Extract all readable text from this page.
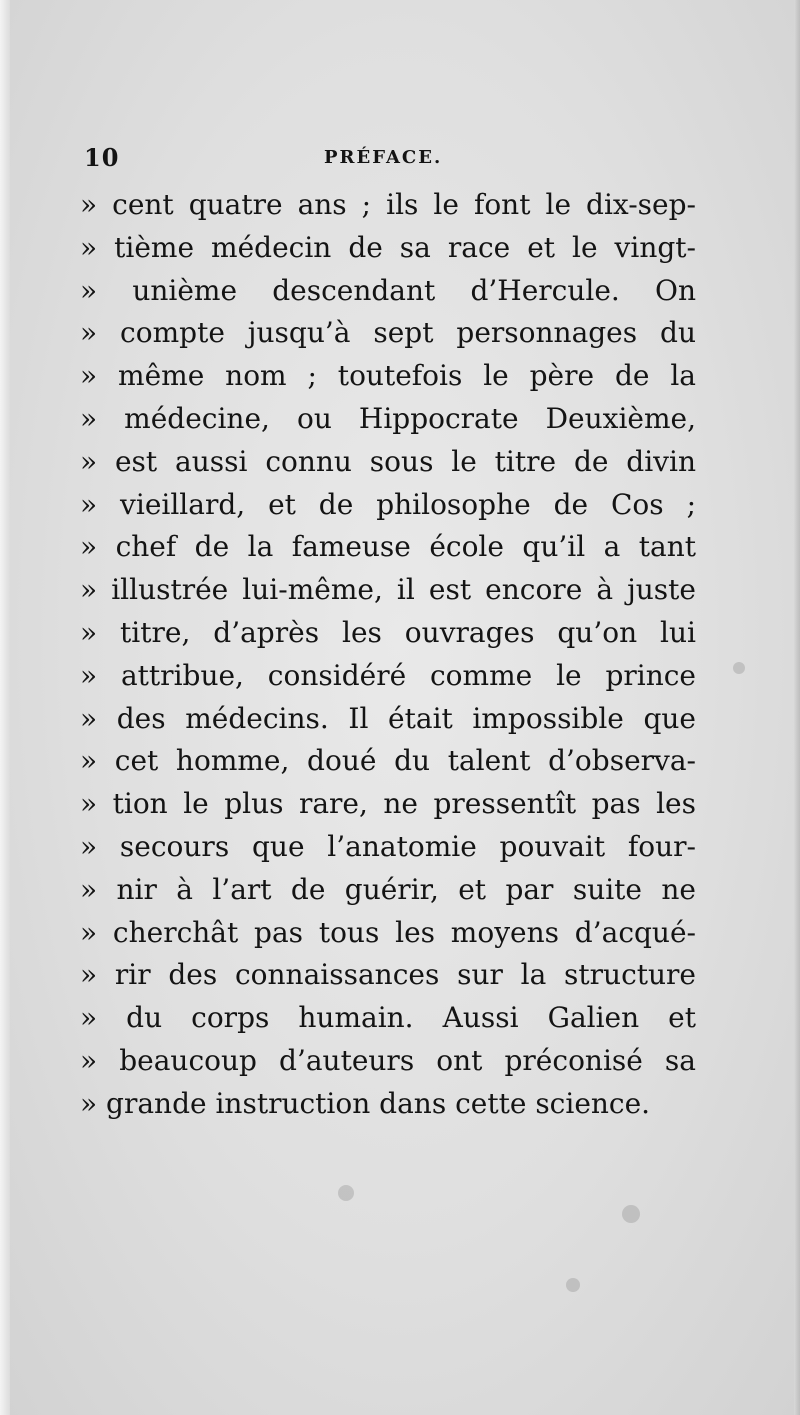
10	PRÉFACE.
» cent quatre ans ; ils le font le dix-sep-
» tième médecin de sa race et le vingt-
» unième descendant d’Hercule. On
» compte jusqu’à sept personnages du
» même nom ; toutefois le père de la
» médecine, ou Hippocrate Deuxième,
» est aussi connu sous le titre de divin
» vieillard, et de philosophe de Cos ;
» chef de la fameuse école qu’il a tant
» illustrée lui-même, il est encore à juste
» titre, d’après les ouvrages qu’on lui
» attribue, considéré comme le prince
» des médecins. Il était impossible que
» cet homme, doué du talent d’observa-
» tion le plus rare, ne pressentît pas les
» secours que l’anatomie pouvait four-
» nir à l’art de guérir, et par suite ne
» cherchât pas tous les moyens d’acqué-
» rir des connaissances sur la structure
» du corps humain. Aussi Galien et
» beaucoup d’auteurs ont préconisé sa
» grande instruction dans cette science.
